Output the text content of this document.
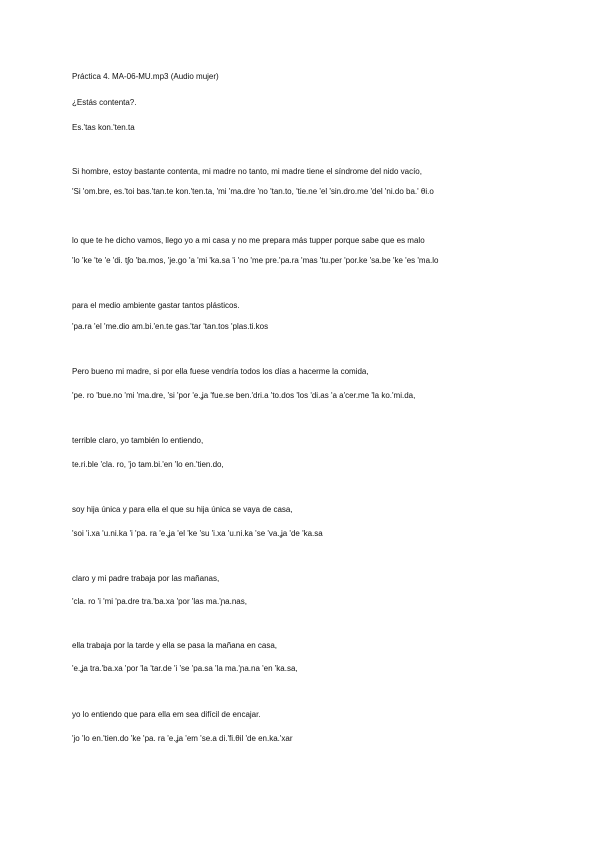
Práctica 4. MA-06-MU.mp3 (Audio mujer)

¿Estás contenta?.

Es.'tas kon.'ten.ta

Si hombre, estoy bastante contenta, mi madre no tanto, mi madre tiene el síndrome del nido vacío,

'Si 'om.bre, es.'toi bas.'tan.te kon.'ten.ta, 'mi 'ma.dre 'no 'tan.to, 'tie.ne 'el 'sin.dro.me 'del 'ni.do ba.' θi.o

lo que te he dicho vamos, llego yo a mi casa y no me prepara más tupper porque sabe que es malo

'lo 'ke 'te 'e 'di. tʃo 'ba.mos, 'je.go 'a 'mi 'ka.sa 'i 'no 'me pre.'pa.ra 'mas 'tu.per 'por.ke 'sa.be 'ke 'es 'ma.lo

para el medio ambiente gastar tantos plásticos.

'pa.ra 'el 'me.dio am.bi.'en.te gas.'tar 'tan.tos 'plas.ti.kos

Pero bueno mi madre, si por ella fuese vendría todos los días a hacerme la comida,

'pe. ro 'bue.no 'mi 'ma.dre, 'si 'por 'e.ʝa 'fue.se ben.'dri.a 'to.dos 'los 'di.as 'a a'cer.me 'la ko.'mi.da,

terrible claro, yo también lo entiendo,

te.ri.ble 'cla. ro, 'jo tam.bi.'en 'lo en.'tien.do,

soy hija única y para ella el que su hija única se vaya de casa,

'soi 'i.xa 'u.ni.ka 'i 'pa. ra 'e.ʝa 'el 'ke 'su 'i.xa 'u.ni.ka 'se 'va.ʝa 'de 'ka.sa

claro y mi padre trabaja por las mañanas,

'cla. ro 'i 'mi 'pa.dre tra.'ba.xa 'por 'las ma.'ɲa.nas,

ella trabaja por la tarde y ella se pasa la mañana en casa,

'e.ʝa tra.'ba.xa 'por 'la 'tar.de 'i 'se 'pa.sa 'la ma.'ɲa.na 'en 'ka.sa,

yo lo entiendo que para ella em sea difícil de encajar.

'jo 'lo en.'tien.do 'ke 'pa. ra 'e.ʝa 'em 'se.a di.'fi.θil 'de en.ka.'xar
